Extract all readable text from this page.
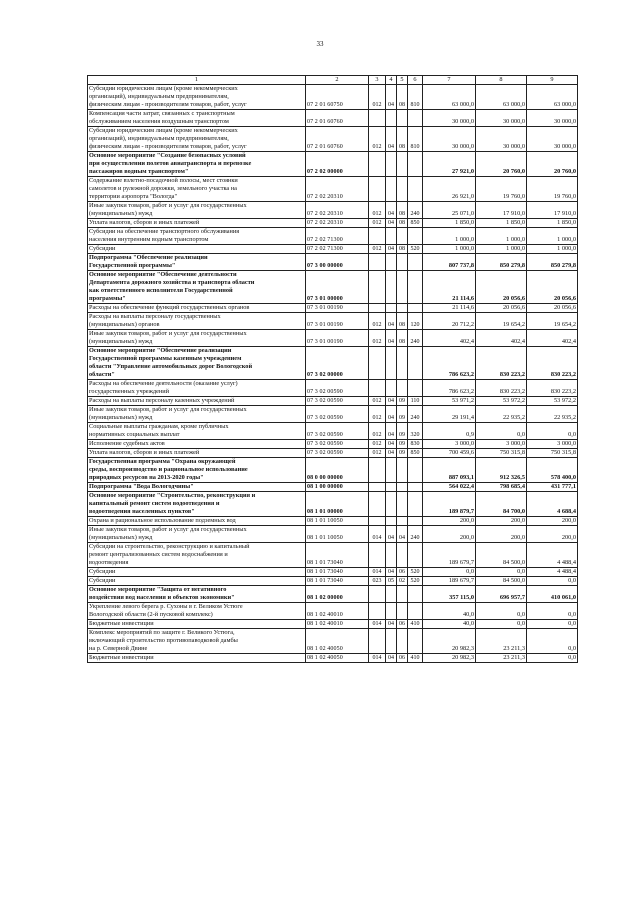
33
1	2	3	4	5	6	7	8	9
Субсидии юридическим лицам (кроме некоммерческих
организаций), индивидуальным предпринимателям,
физическим лицам - производителям товаров, работ, услуг	07 2 01 60750	012	04	08	810	63 000,0	63 000,0	63 000,0
Компенсация части затрат, связанных с транспортным
обслуживанием населения воздушным транспортом	07 2 01 60760					30 000,0	30 000,0	30 000,0
Субсидии юридическим лицам (кроме некоммерческих
организаций), индивидуальным предпринимателям,
физическим лицам - производителям товаров, работ, услуг	07 2 01 60760	012	04	08	810	30 000,0	30 000,0	30 000,0
Основное мероприятие "Создание безопасных условий
при осуществлении полетов авиатранспорта и перевозке
пассажиров водным транспортом"	07 2 02 00000					27 921,0	20 760,0	20 760,0
Содержание взлетно-посадочной полосы, мест стоянки
самолетов и рулежной дорожки, земельного участка на
территории аэропорта "Вологда"	07 2 02 20310					26 921,0	19 760,0	19 760,0
Иные закупки товаров, работ и услуг для государственных
(муниципальных) нужд	07 2 02 20310	012	04	08	240	25 071,0	17 910,0	17 910,0
Уплата налогов, сборов и иных платежей	07 2 02 20310	012	04	08	850	1 850,0	1 850,0	1 850,0
Субсидии на обеспечение транспортного обслуживания
населения внутренним водным транспортом	07 2 02 71300					1 000,0	1 000,0	1 000,0
Субсидии	07 2 02 71300	012	04	08	520	1 000,0	1 000,0	1 000,0
Подпрограмма "Обеспечение реализации
Государственной программы"	07 3 00 00000					807 737,8	850 279,8	850 279,8
Основное мероприятие "Обеспечение деятельности
Департамента дорожного хозяйства и транспорта области
как ответственного исполнителя Государственной
программы"	07 3 01 00000					21 114,6	20 056,6	20 056,6
Расходы на обеспечение функций государственных органов	07 3 01 00190					21 114,6	20 056,6	20 056,6
Расходы на выплаты персоналу государственных
(муниципальных) органов	07 3 01 00190	012	04	08	120	20 712,2	19 654,2	19 654,2
Иные закупки товаров, работ и услуг для государственных
(муниципальных) нужд	07 3 01 00190	012	04	08	240	402,4	402,4	402,4
Основное мероприятие "Обеспечение реализации
Государственной программы казенным учреждением
области "Управление автомобильных дорог Вологодской
области"	07 3 02 00000					786 623,2	830 223,2	830 223,2
Расходы на обеспечение деятельности (оказание услуг)
государственных учреждений	07 3 02 00590					786 623,2	830 223,2	830 223,2
Расходы на выплаты персоналу казенных учреждений	07 3 02 00590	012	04	09	110	53 971,2	53 972,2	53 972,2
Иные закупки товаров, работ и услуг для государственных
(муниципальных) нужд	07 3 02 00590	012	04	09	240	29 191,4	22 935,2	22 935,2
Социальные выплаты гражданам, кроме публичных
нормативных социальных выплат	07 3 02 00590	012	04	09	320	0,9	0,0	0,0
Исполнение судебных актов	07 3 02 00590	012	04	09	830	3 000,0	3 000,0	3 000,0
Уплата налогов, сборов и иных платежей	07 3 02 00590	012	04	09	850	700 459,6	750 315,8	750 315,8
Государственная программа "Охрана окружающей
среды, воспроизводство и рациональное использование
природных ресурсов на 2013-2020 годы"	08 0 00 00000					887 093,1	912 326,5	578 400,0
Подпрограмма "Вода Вологодчины"	08 1 00 00000					564 022,4	798 685,4	431 777,1
Основное мероприятие "Строительство, реконструкция и
капитальный ремонт систем водоотведения и
водоотведения населенных пунктов"	08 1 01 00000					189 879,7	84 700,0	4 688,4
Охрана и рациональное использование подземных вод	08 1 01 10050					200,0	200,0	200,0
Иные закупки товаров, работ и услуг для государственных
(муниципальных) нужд	08 1 01 10050	014	04	04	240	200,0	200,0	200,0
Субсидии на строительство, реконструкцию и капитальный
ремонт централизованных систем водоснабжения и
водоотведения	08 1 01 73040					189 679,7	84 500,0	4 488,4
Субсидии	08 1 01 73040	014	04	06	520	0,0	0,0	4 488,4
Субсидии	08 1 01 73040	023	05	02	520	189 679,7	84 500,0	0,0
Основное мероприятие "Защита от негативного
воздействия вод населения и объектов экономики"	08 1 02 00000					357 115,0	696 957,7	410 061,0
Укрепление левого берега р. Сухоны в г. Великом Устюге
Вологодской области (2-й пусковой комплекс)	08 1 02 40010					40,0	0,0	0,0
Бюджетные инвестиции	08 1 02 40010	014	04	06	410	40,0	0,0	0,0
Комплекс мероприятий по защите г. Великого Устюга,
включающий строительство противопаводковой дамбы
на р. Северной Двине	08 1 02 40050					20 982,3	23 211,3	0,0
Бюджетные инвестиции	08 1 02 40050	014	04	06	410	20 982,3	23 211,3	0,0
